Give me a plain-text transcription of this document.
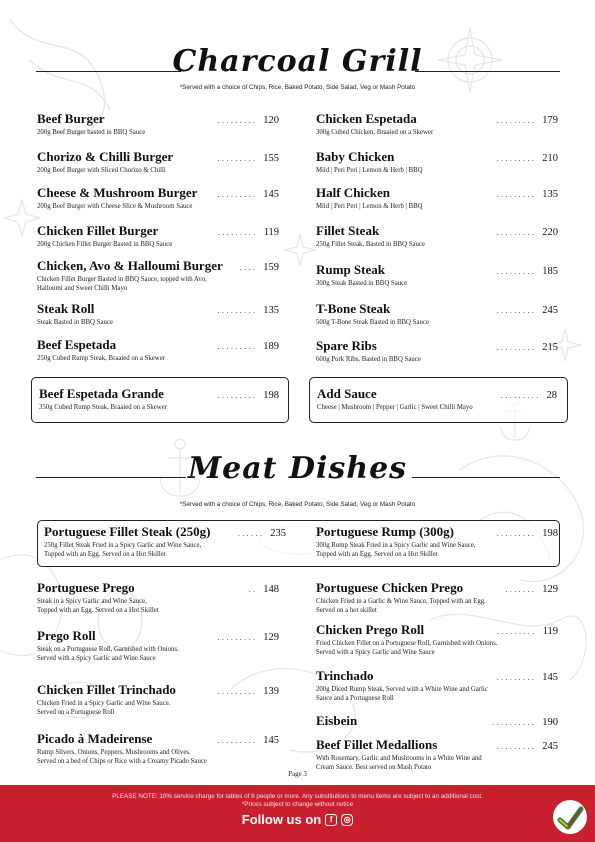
Charcoal Grill
*Served with a choice of Chips, Rice, Baked Potato, Side Salad, Veg or Mash Potato
Beef Burger	......... 120
200g Beef Burger basted in BBQ Sauce
Chorizo & Chilli Burger	......... 155
200g Beef Burger with Sliced Chorizo & Chilli
Cheese & Mushroom Burger	......... 145
200g Beef Burger with Cheese Slice & Mushroom Sauce
Chicken Fillet Burger	......... 119
200g Chicken Fillet Burger Basted in BBQ Sauce
Chicken, Avo & Halloumi Burger	.... 159
Chicken Fillet Burger Basted in BBQ Sauce, topped with Avo,
Halloumi and Sweet Chilli Mayo
Steak Roll	......... 135
Steak Basted in BBQ Sauce
Beef Espetada	......... 189
250g Cubed Rump Steak, Braaied on a Skewer
Chicken Espetada	......... 179
300g Cubed Chicken, Braaied on a Skewer
Baby Chicken	......... 210
Mild | Peri Peri | Lemon & Herb | BBQ
Half Chicken	......... 135
Mild | Peri Peri | Lemon & Herb | BBQ
Fillet Steak	......... 220
250g Fillet Steak, Basted in BBQ Sauce
Rump Steak	......... 185
300g Steak Basted in BBQ Sauce
T-Bone Steak	......... 245
500g T-Bone Steak Basted in BBQ Sauce
Spare Ribs	......... 215
600g Pork Ribs, Basted in BBQ Sauce
Beef Espetada Grande	......... 198
350g Cubed Rump Steak, Braaied on a Skewer
Add Sauce	......... 28
Cheese | Mushroom | Pepper | Garlic | Sweet Chilli Mayo
Meat Dishes
*Served with a choice of Chips, Rice, Baked Potato, Side Salad, Veg or Mash Potato
Portuguese Fillet Steak (250g)	...... 235
250g Fillet Steak Fried in a Spicy Garlic and Wine Sauce,
Topped with an Egg. Served on a Hot Skillet
Portuguese Rump (300g)	......... 198
300g Rump Steak Fried in a Spicy Garlic and Wine Sauce,
Topped with an Egg. Served on a Hot Skillet
Portuguese Prego	.. 148
Steak in a Spicy Garlic and Wine Sauce,
Topped with an Egg. Served on a Hot Skillet
Prego Roll	......... 129
Steak on a Portuguese Roll, Garnished with Onions.
Served with a Spicy Garlic and Wine Sauce
Chicken Fillet Trinchado	......... 139
Chicken Fried in a Spicy Garlic and Wine Sauce.
Served on a Portuguese Roll
Picado à Madeirense	......... 145
Rump Slivers, Onions, Peppers, Mushrooms and Olives.
Served on a bed of Chips or Rice with a Creamy Picado Sauce
Portuguese Chicken Prego	....... 129
Chicken Fried in a Garlic & Wine Sauce, Topped with an Egg.
Served on a hot skillet
Chicken Prego Roll	......... 119
Fried Chicken Fillet on a Portuguese Roll, Garnished with Onions.
Served with a Spicy Garlic and Wine Sauce
Trinchado	......... 145
200g Diced Rump Steak, Served with a White Wine and Garlic
Sauce and a Portuguese Roll
Eisbein	.......... 190
Beef Fillet Medallions	......... 245
With Rosemary, Garlic and Mushrooms in a White Wine and
Cream Sauce. Best served on Mash Potato
Page 3
PLEASE NOTE: 10% service charge for tables of 8 people or more. Any substitutions to menu items are subject to an additional cost.
*Prices subject to change without notice
Follow us on	f	◎
